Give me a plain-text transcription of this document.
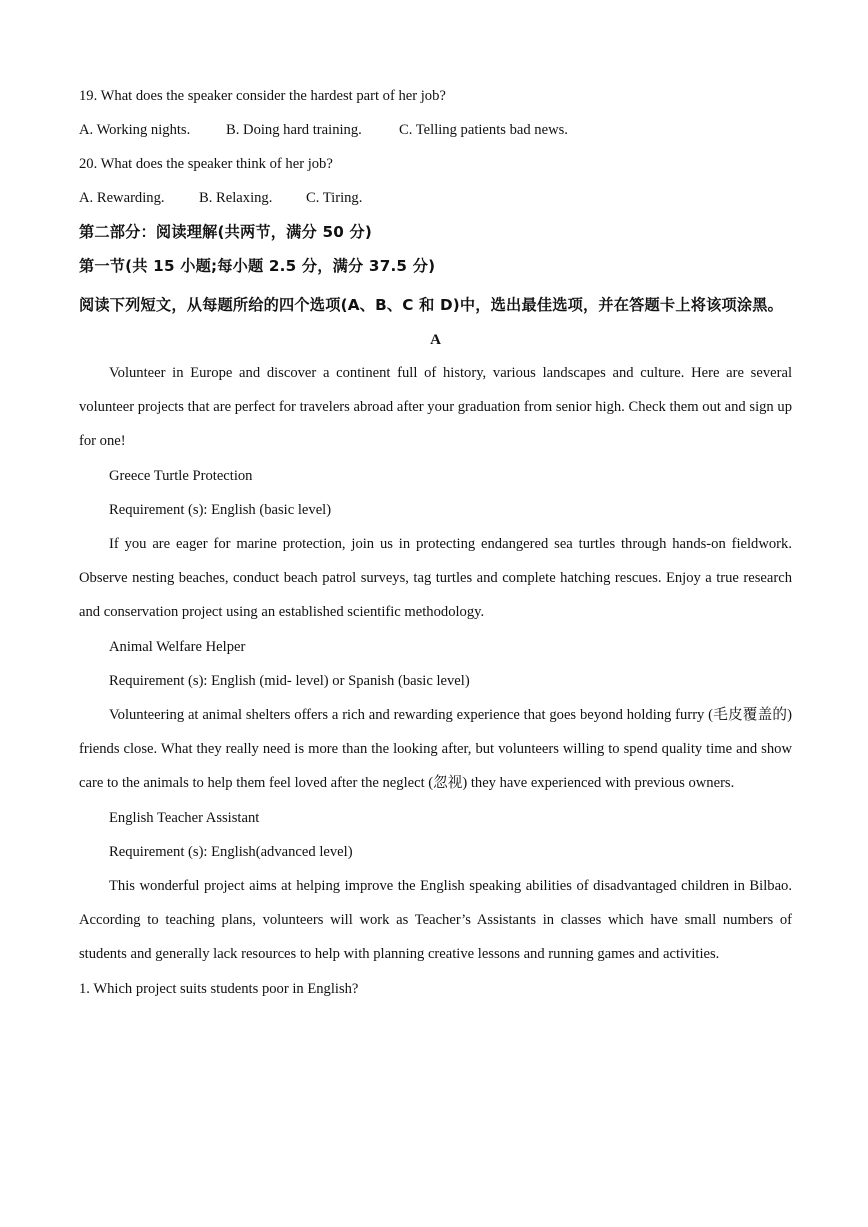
19. What does the speaker consider the hardest part of her job?

A. Working nights. B. Doing hard training.	C. Telling patients bad news.

20. What does the speaker think of her job?

A. Rewarding. B. Relaxing. C. Tiring.

第二部分：阅读理解(共两节，满分 50 分)

第一节(共 15 小题;每小题 2.5 分，满分 37.5 分)

阅读下列短文，从每题所给的四个选项(A、B、C 和 D)中，选出最佳选项，并在答题卡上将该项涂黑。

A

Volunteer in Europe and discover a continent full of history, various landscapes and culture. Here are several volunteer projects that are perfect for travelers abroad after your graduation from senior high. Check them out and sign up for one!

Greece Turtle Protection

Requirement (s): English (basic level)

If you are eager for marine protection, join us in protecting endangered sea turtles through hands-on fieldwork. Observe nesting beaches, conduct beach patrol surveys, tag turtles and complete hatching rescues. Enjoy a true research and conservation project using an established scientific methodology.

Animal Welfare Helper

Requirement (s): English (mid- level) or Spanish (basic level)

Volunteering at animal shelters offers a rich and rewarding experience that goes beyond holding furry (毛皮覆盖的) friends close. What they really need is more than the looking after, but volunteers willing to spend quality time and show care to the animals to help them feel loved after the neglect (忽视) they have experienced with previous owners.

English Teacher Assistant

Requirement (s): English(advanced level)

This wonderful project aims at helping improve the English speaking abilities of disadvantaged children in Bilbao. According to teaching plans, volunteers will work as Teacher’s Assistants in classes which have small numbers of students and generally lack resources to help with planning creative lessons and running games and activities.

1. Which project suits students poor in English?
